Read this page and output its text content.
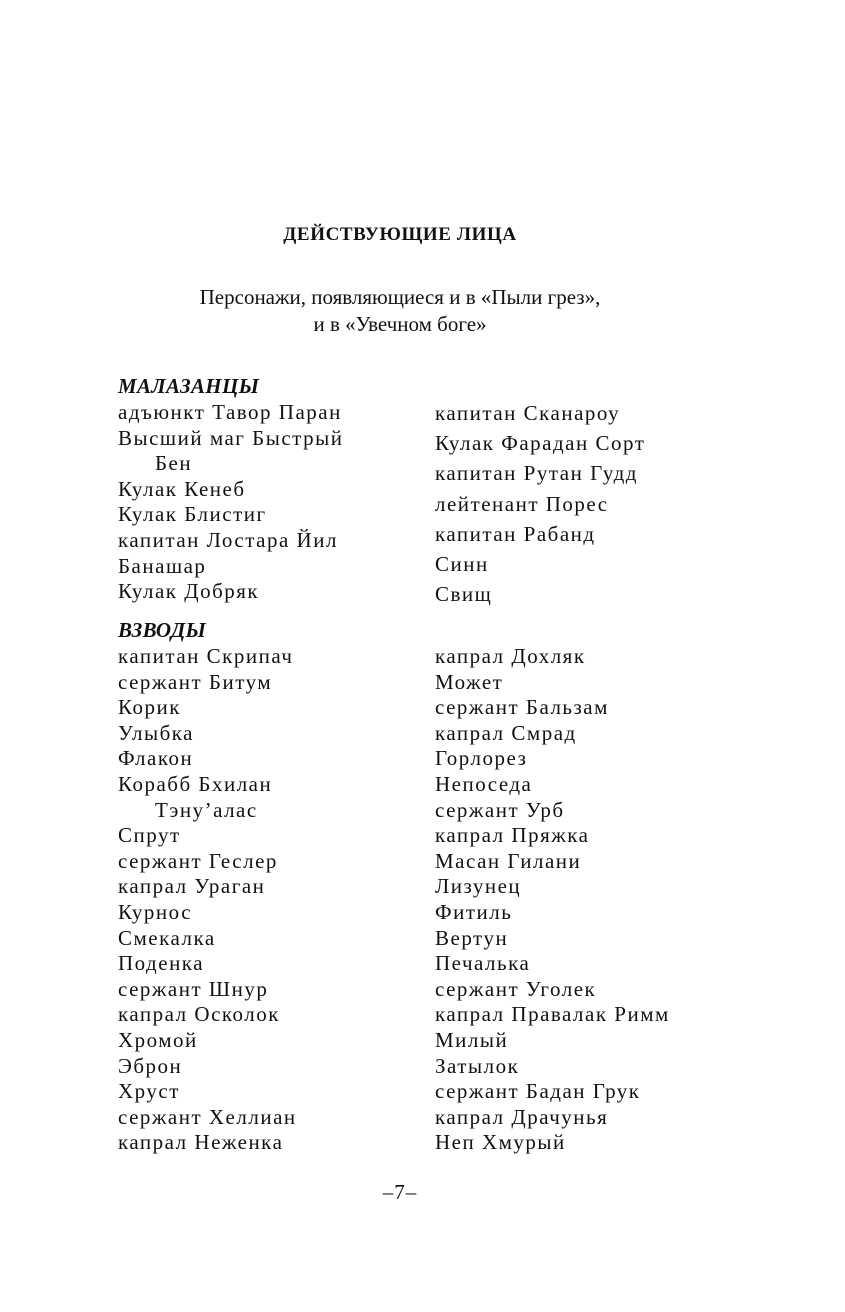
ДЕЙСТВУЮЩИЕ ЛИЦА
Персонажи, появляющиеся и в «Пыли грез»,
и в «Увечном боге»
МАЛАЗАНЦЫ
адъюнкт Тавор Паран
Высший маг Быстрый
Бен
Кулак Кенеб
Кулак Блистиг
капитан Лостара Йил
Банашар
Кулак Добряк
капитан Сканароу
Кулак Фарадан Сорт
капитан Рутан Гудд
лейтенант Порес
капитан Рабанд
Синн
Свищ
ВЗВОДЫ
капитан Скрипач
сержант Битум
Корик
Улыбка
Флакон
Корабб Бхилан
Тэну’алас
Спрут
сержант Геслер
капрал Ураган
Курнос
Смекалка
Поденка
сержант Шнур
капрал Осколок
Хромой
Эброн
Хруст
сержант Хеллиан
капрал Неженка
капрал Дохляк
Может
сержант Бальзам
капрал Смрад
Горлорез
Непоседа
сержант Урб
капрал Пряжка
Масан Гилани
Лизунец
Фитиль
Вертун
Печалька
сержант Уголек
капрал Правалак Римм
Милый
Затылок
сержант Бадан Грук
капрал Драчунья
Неп Хмурый
–7–
